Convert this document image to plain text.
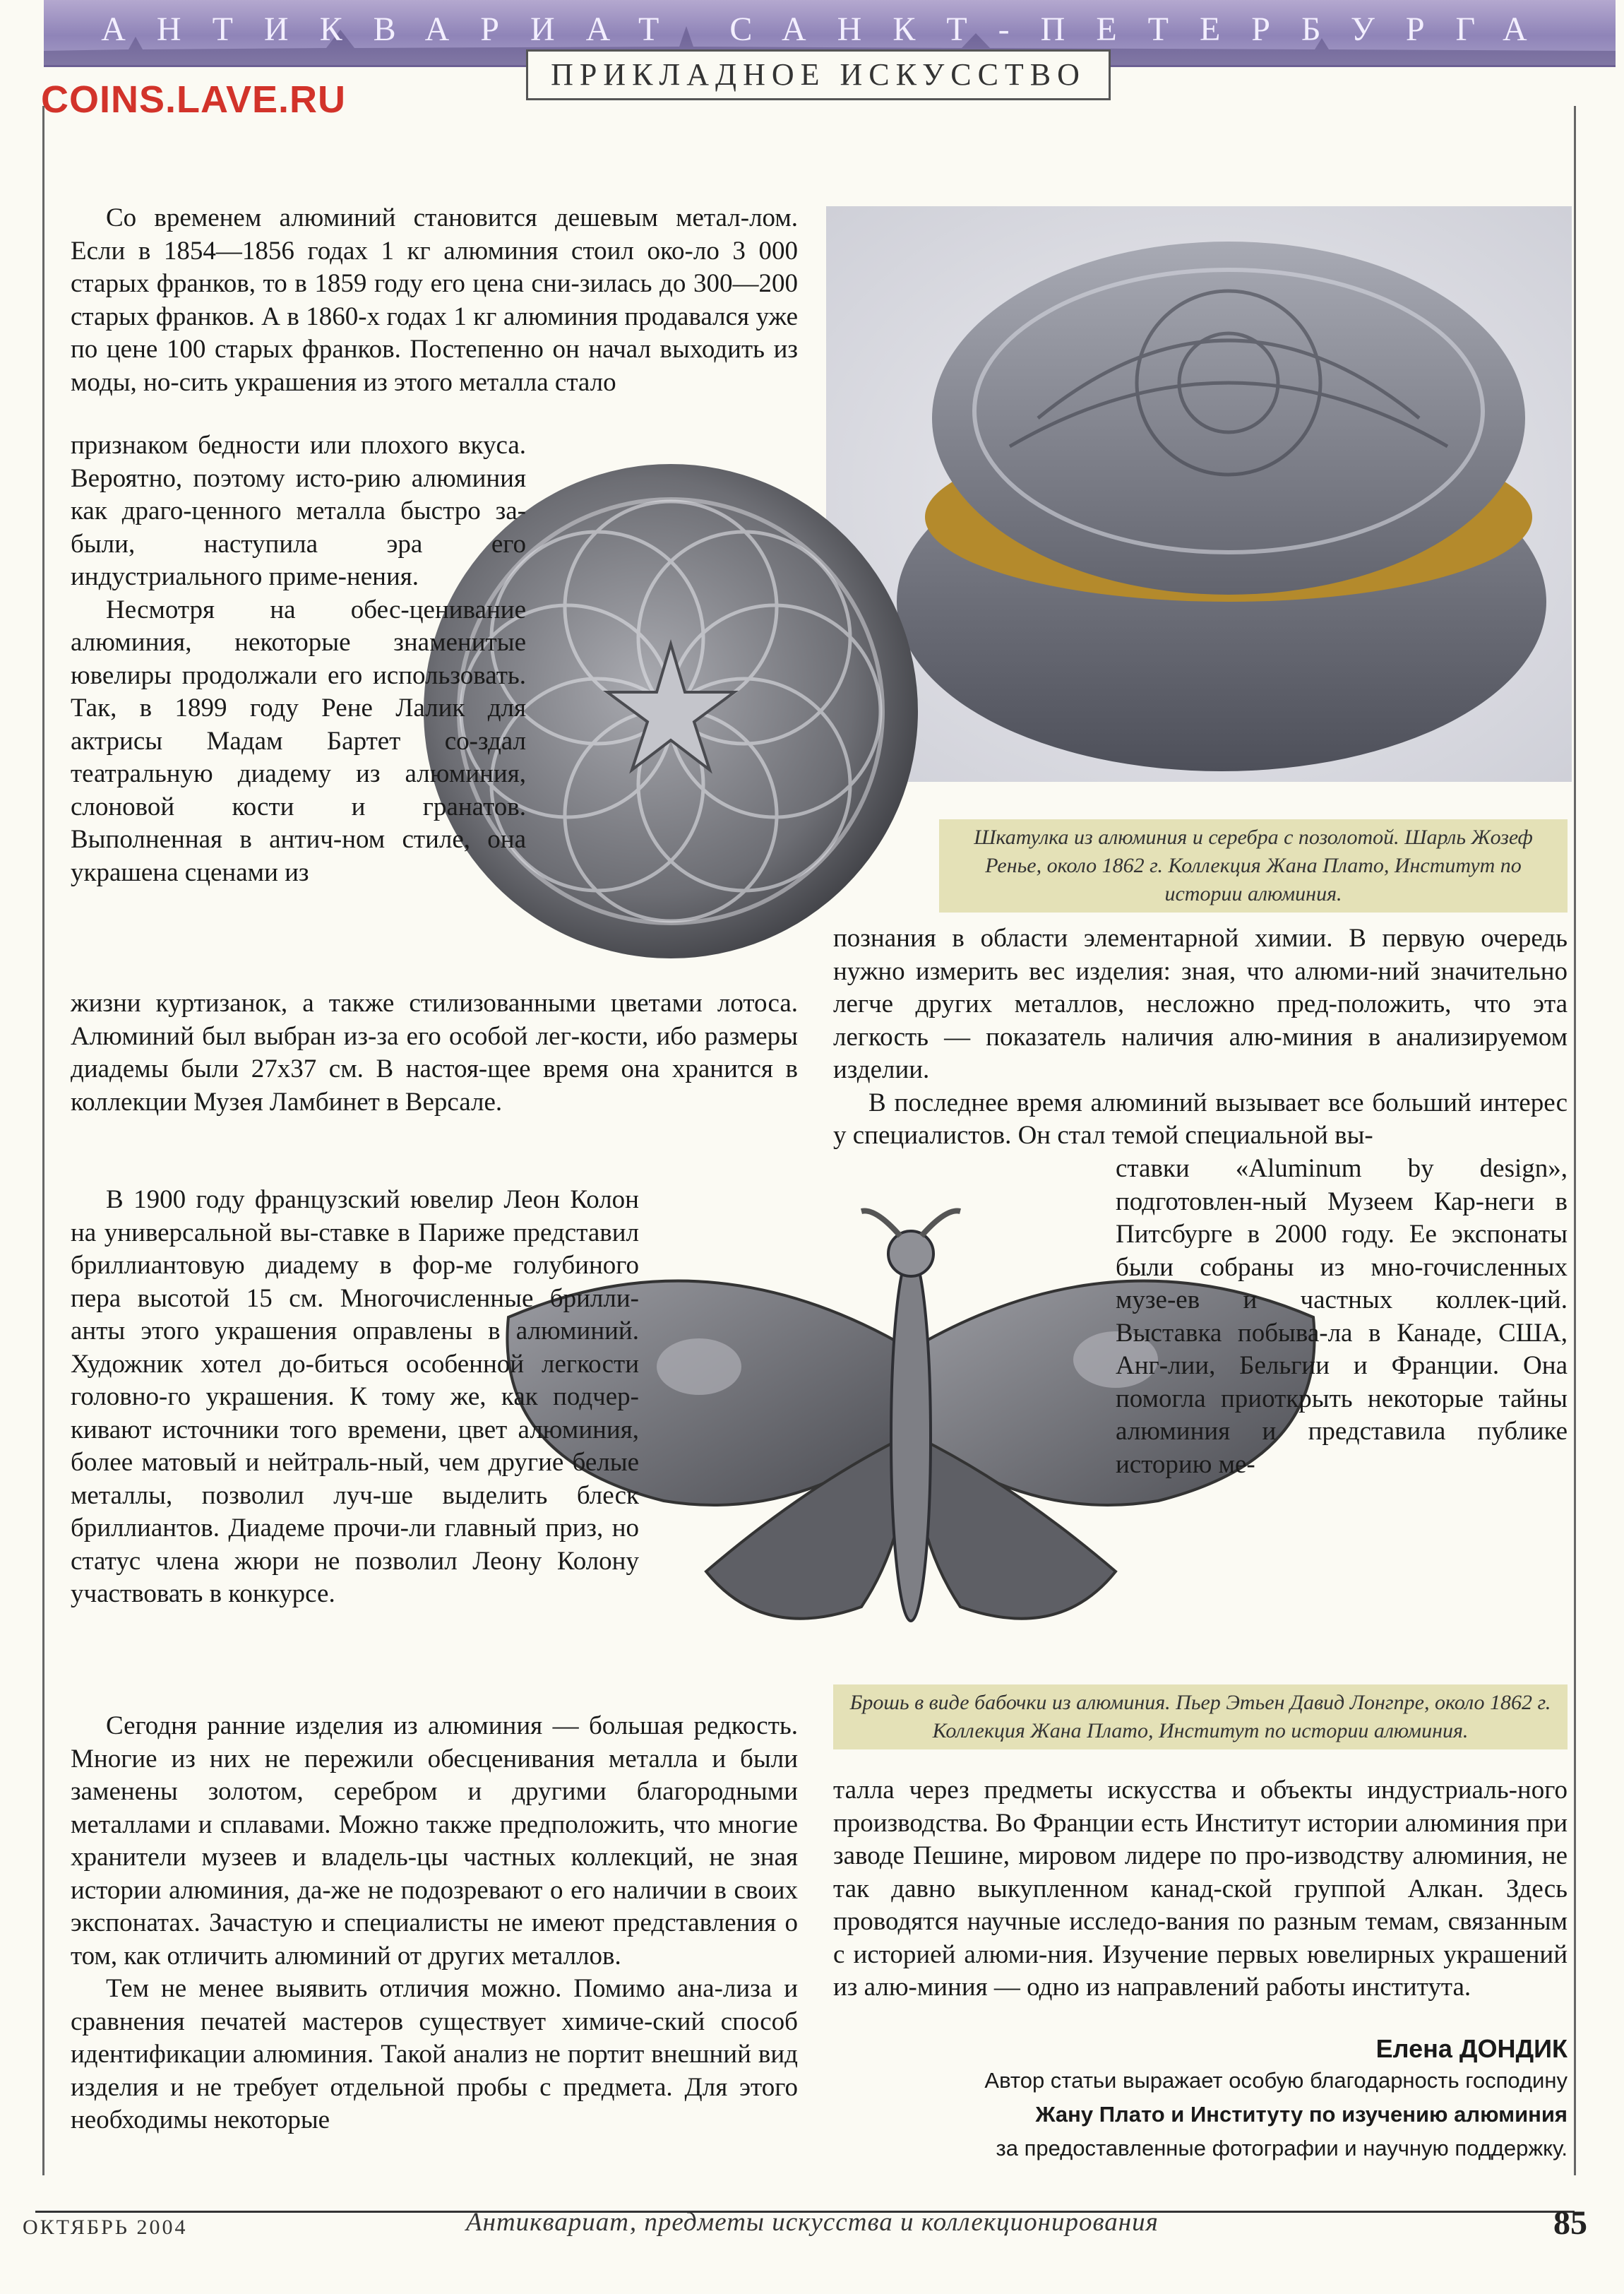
АНТИКВАРИАТ САНКТ-ПЕТЕРБУРГА
ПРИКЛАДНОЕ ИСКУССТВО
COINS.LAVE.RU

Со временем алюминий становится дешевым метал-лом. Если в 1854—1856 годах 1 кг алюминия стоил око-ло 3 000 старых франков, то в 1859 году его цена сни-зилась до 300—200 старых франков. А в 1860-х годах 1 кг алюминия продавался уже по цене 100 старых франков. Постепенно он начал выходить из моды, но-сить украшения из этого металла стало

признаком бедности или плохого вкуса. Вероятно, поэтому исто-рию алюминия как драго-ценного металла быстро за-были, наступила эра его индустриального приме-нения.

Несмотря на обес-ценивание алюминия, некоторые знаменитые ювелиры продолжали его использовать. Так, в 1899 году Рене Лалик для актрисы Мадам Бартет со-здал театральную диадему из алюминия, слоновой кости и гранатов. Выполненная в антич-ном стиле, она украшена сценами из

жизни куртизанок, а также стилизованными цветами лотоса. Алюминий был выбран из-за его особой лег-кости, ибо размеры диадемы были 27х37 см. В настоя-щее время она хранится в коллекции Музея Ламбинет в Версале.

В 1900 году французский ювелир Леон Колон на универсальной вы-ставке в Париже представил бриллиантовую диадему в фор-ме голубиного пера высотой 15 см. Многочисленные брилли-анты этого украшения оправлены в алюминий. Художник хотел до-биться особенной легкости головно-го украшения. К тому же, как подчер-кивают источники того времени, цвет алюминия, более матовый и нейтраль-ный, чем другие белые металлы, позволил луч-ше выделить блеск бриллиантов. Диадеме прочи-ли главный приз, но статус члена жюри не позволил Леону Колону участвовать в конкурсе.

Сегодня ранние изделия из алюминия — большая редкость. Многие из них не пережили обесценивания металла и были заменены золотом, серебром и другими благородными металлами и сплавами. Можно также предположить, что многие хранители музеев и владель-цы частных коллекций, не зная истории алюминия, да-же не подозревают о его наличии в своих экспонатах. Зачастую и специалисты не имеют представления о том, как отличить алюминий от других металлов.

Тем не менее выявить отличия можно. Помимо ана-лиза и сравнения печатей мастеров существует химиче-ский способ идентификации алюминия. Такой анализ не портит внешний вид изделия и не требует отдельной пробы с предмета. Для этого необходимы некоторые

познания в области элементарной химии. В первую очередь нужно измерить вес изделия: зная, что алюми-ний значительно легче других металлов, несложно пред-положить, что эта легкость — показатель наличия алю-миния в анализируемом изделии.

В последнее время алюминий вызывает все больший интерес у специалистов. Он стал темой специальной вы-

ставки «Aluminum by design», подготовлен-ный Музеем Кар-неги в Питсбурге в 2000 году. Ее экспонаты были собраны из мно-гочисленных музе-ев и частных коллек-ций. Выставка побыва-ла в Канаде, США, Анг-лии, Бельгии и Франции. Она помогла приоткрыть некоторые тайны алюминия и представила публике историю ме-

талла через предметы искусства и объекты индустриаль-ного производства. Во Франции есть Институт истории алюминия при заводе Пешине, мировом лидере по про-изводству алюминия, не так давно выкупленном канад-ской группой Алкан. Здесь проводятся научные исследо-вания по разным темам, связанным с историей алюми-ния. Изучение первых ювелирных украшений из алю-миния — одно из направлений работы института.

Шкатулка из алюминия и серебра с позолотой. Шарль Жозеф Ренье, около 1862 г. Коллекция Жана Плато, Институт по истории алюминия.
Брошь в виде бабочки из алюминия. Пьер Этьен Давид Лонгпре, около 1862 г. Коллекция Жана Плато, Институт по истории алюминия.
Елена ДОНДИК
Автор статьи выражает особую благодарность господину
Жану Плато и Институту по изучению алюминия
за предоставленные фотографии и научную поддержку.
ОКТЯБРЬ 2004	Антиквариат, предметы искусства и коллекционирования	85
